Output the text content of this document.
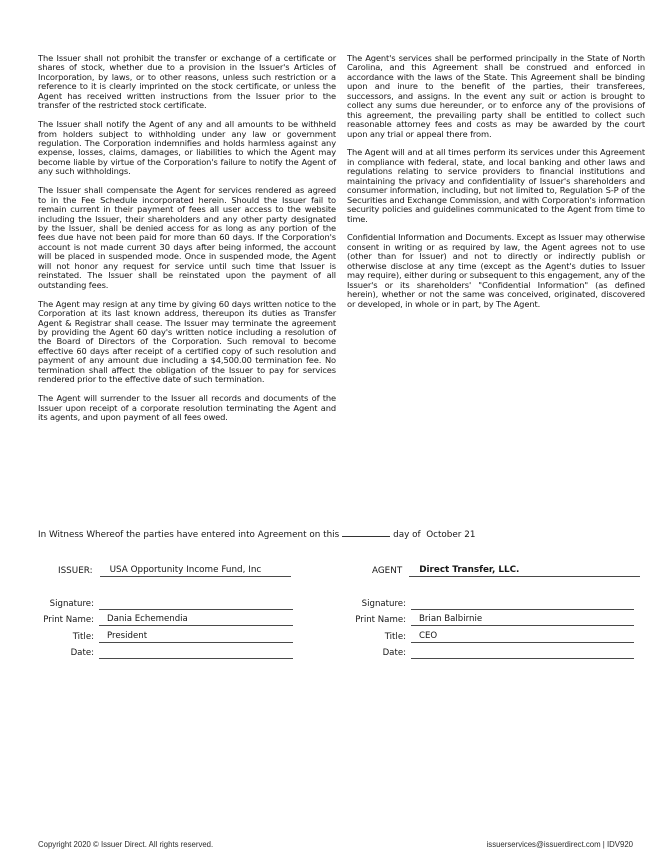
The Issuer shall not prohibit the transfer or exchange of a certificate or shares of stock, whether due to a provision in the Issuer's Articles of Incorporation, by laws, or to other reasons, unless such restriction or a reference to it is clearly imprinted on the stock certificate, or unless the Agent has received written instructions from the Issuer prior to the transfer of the restricted stock certificate.

The Issuer shall notify the Agent of any and all amounts to be withheld from holders subject to withholding under any law or government regulation. The Corporation indemnifies and holds harmless against any expense, losses, claims, damages, or liabilities to which the Agent may become liable by virtue of the Corporation's failure to notify the Agent of any such withholdings.

The Issuer shall compensate the Agent for services rendered as agreed to in the Fee Schedule incorporated herein. Should the Issuer fail to remain current in their payment of fees all user access to the website including the Issuer, their shareholders and any other party designated by the Issuer, shall be denied access for as long as any portion of the fees due have not been paid for more than 60 days. If the Corporation's account is not made current 30 days after being informed, the account will be placed in suspended mode. Once in suspended mode, the Agent will not honor any request for service until such time that Issuer is reinstated. The Issuer shall be reinstated upon the payment of all outstanding fees.

The Agent may resign at any time by giving 60 days written notice to the Corporation at its last known address, thereupon its duties as Transfer Agent & Registrar shall cease. The Issuer may terminate the agreement by providing the Agent 60 day's written notice including a resolution of the Board of Directors of the Corporation. Such removal to become effective 60 days after receipt of a certified copy of such resolution and payment of any amount due including a $4,500.00 termination fee. No termination shall affect the obligation of the Issuer to pay for services rendered prior to the effective date of such termination.

The Agent will surrender to the Issuer all records and documents of the Issuer upon receipt of a corporate resolution terminating the Agent and its agents, and upon payment of all fees owed.

The Agent's services shall be performed principally in the State of North Carolina, and this Agreement shall be construed and enforced in accordance with the laws of the State. This Agreement shall be binding upon and inure to the benefit of the parties, their transferees, successors, and assigns. In the event any suit or action is brought to collect any sums due hereunder, or to enforce any of the provisions of this agreement, the prevailing party shall be entitled to collect such reasonable attorney fees and costs as may be awarded by the court upon any trial or appeal there from.

The Agent will and at all times perform its services under this Agreement in compliance with federal, state, and local banking and other laws and regulations relating to service providers to financial institutions and maintaining the privacy and confidentiality of Issuer's shareholders and consumer information, including, but not limited to, Regulation S-P of the Securities and Exchange Commission, and with Corporation's information security policies and guidelines communicated to the Agent from time to time.

Confidential Information and Documents. Except as Issuer may otherwise consent in writing or as required by law, the Agent agrees not to use (other than for Issuer) and not to directly or indirectly publish or otherwise disclose at any time (except as the Agent's duties to Issuer may require), either during or subsequent to this engagement, any of the Issuer's or its shareholders' "Confidential Information" (as defined herein), whether or not the same was conceived, originated, discovered or developed, in whole or in part, by The Agent.

In Witness Whereof the parties have entered into Agreement on this	day of  October 21
ISSUER:	USA Opportunity Income Fund, Inc	AGENT	Direct Transfer, LLC.
Signature:
Print Name:	Dania Echemendia
Title:	President
Date:
Signature:
Print Name:	Brian Balbirnie
Title:	CEO
Date:
Copyright 2020 © Issuer Direct. All rights reserved.	issuerservices@issuerdirect.com | IDV920
